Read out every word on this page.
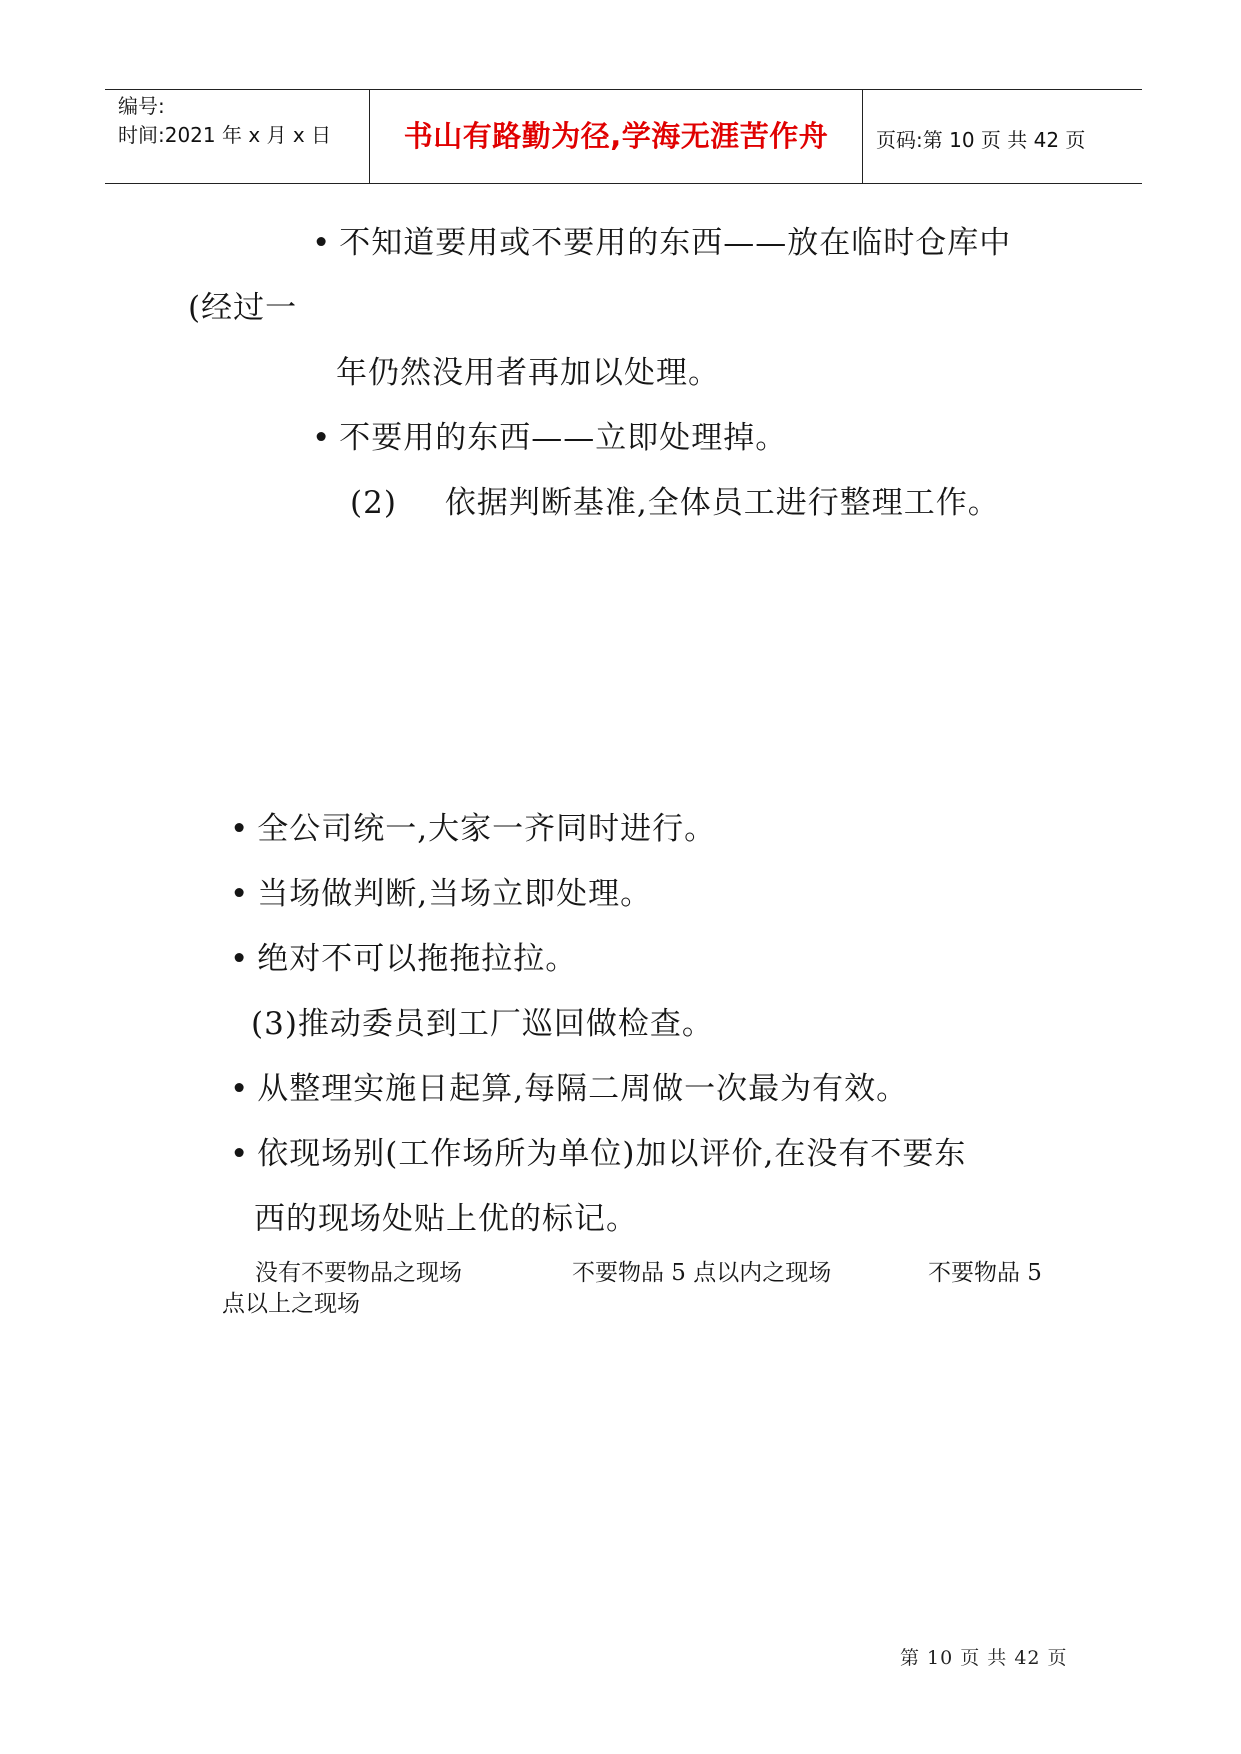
编号:
时间:2021 年 x 月 x 日	书山有路勤为径,学海无涯苦作舟	页码:第 10 页 共 42 页
• 不知道要用或不要用的东西——放在临时仓库中
(经过一
年仍然没用者再加以处理。
• 不要用的东西——立即处理掉。
(2) 依据判断基准,全体员工进行整理工作。
• 全公司统一,大家一齐同时进行。
• 当场做判断,当场立即处理。
• 绝对不可以拖拖拉拉。
(3)推动委员到工厂巡回做检查。
• 从整理实施日起算,每隔二周做一次最为有效。
• 依现场别(工作场所为单位)加以评价,在没有不要东
西的现场处贴上优的标记。
没有不要物品之现场	不要物品 5 点以内之现场	不要物品 5
点以上之现场
第 10 页 共 42 页
